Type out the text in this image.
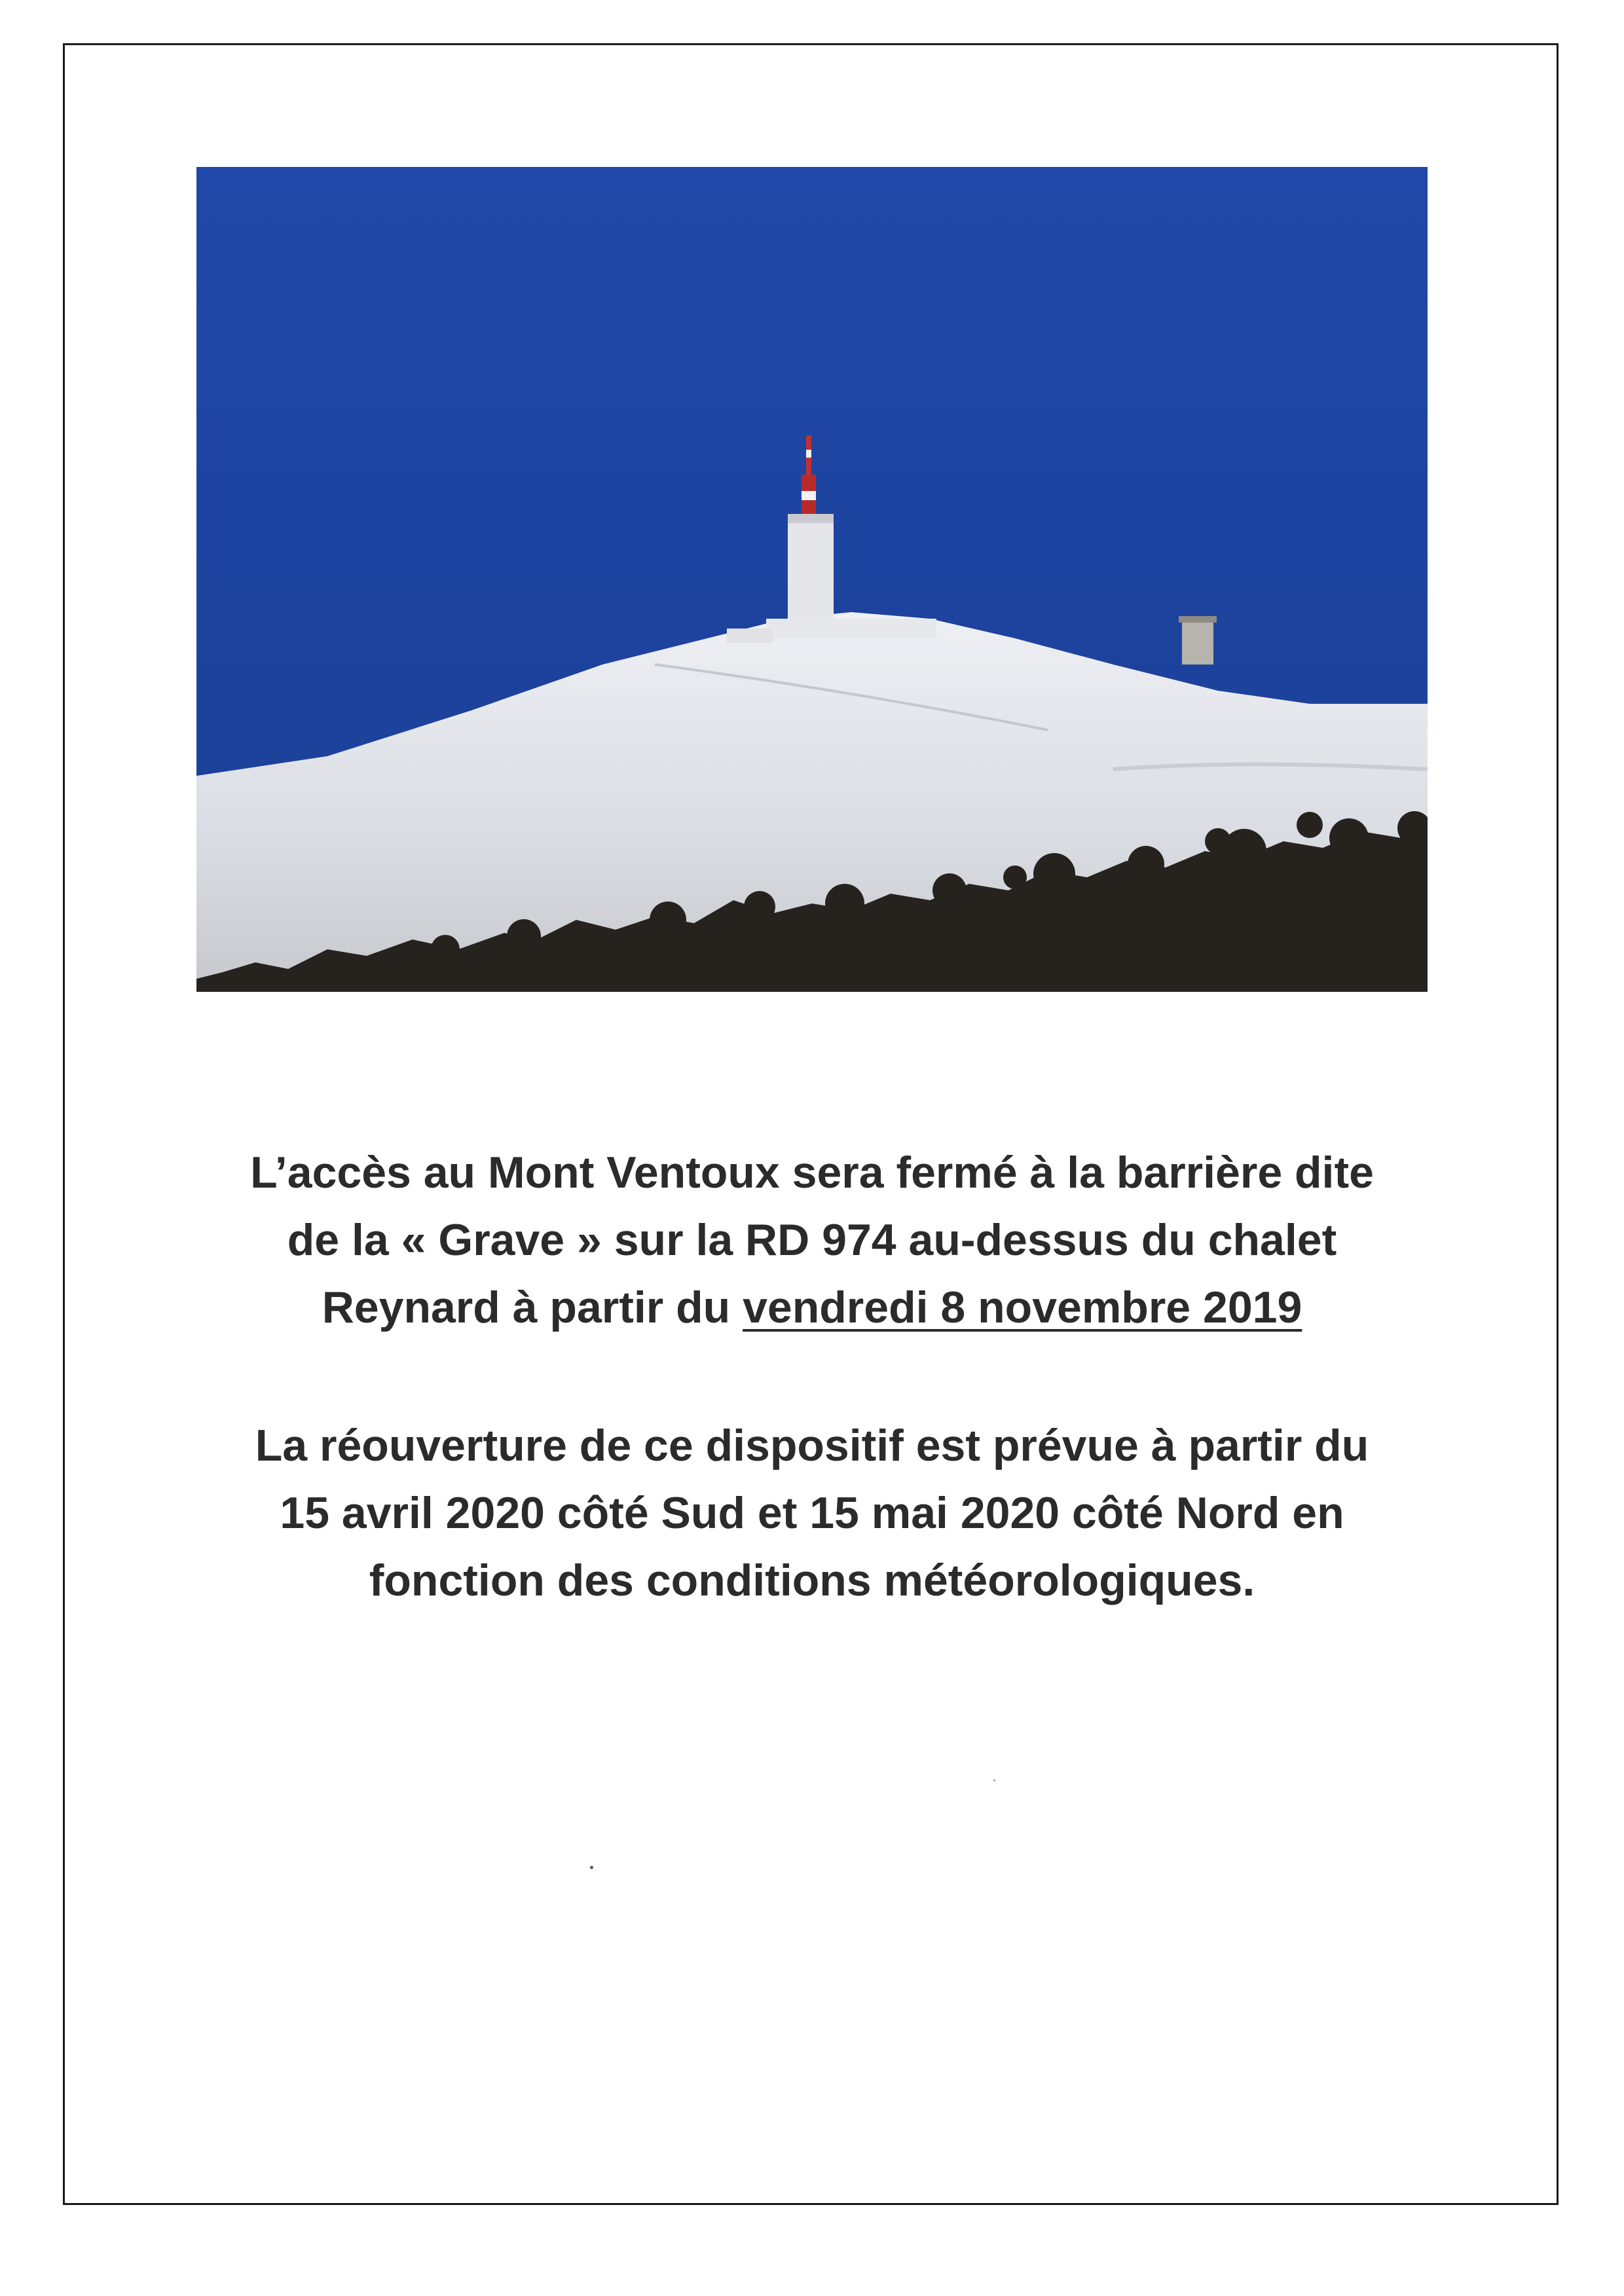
L’accès au Mont Ventoux sera fermé à la barrière dite
de la « Grave » sur la RD 974 au-dessus du chalet
Reynard à partir du vendredi 8 novembre 2019
La réouverture de ce dispositif est prévue à partir du
15 avril 2020 côté Sud et 15 mai 2020 côté Nord en
fonction des conditions météorologiques.
